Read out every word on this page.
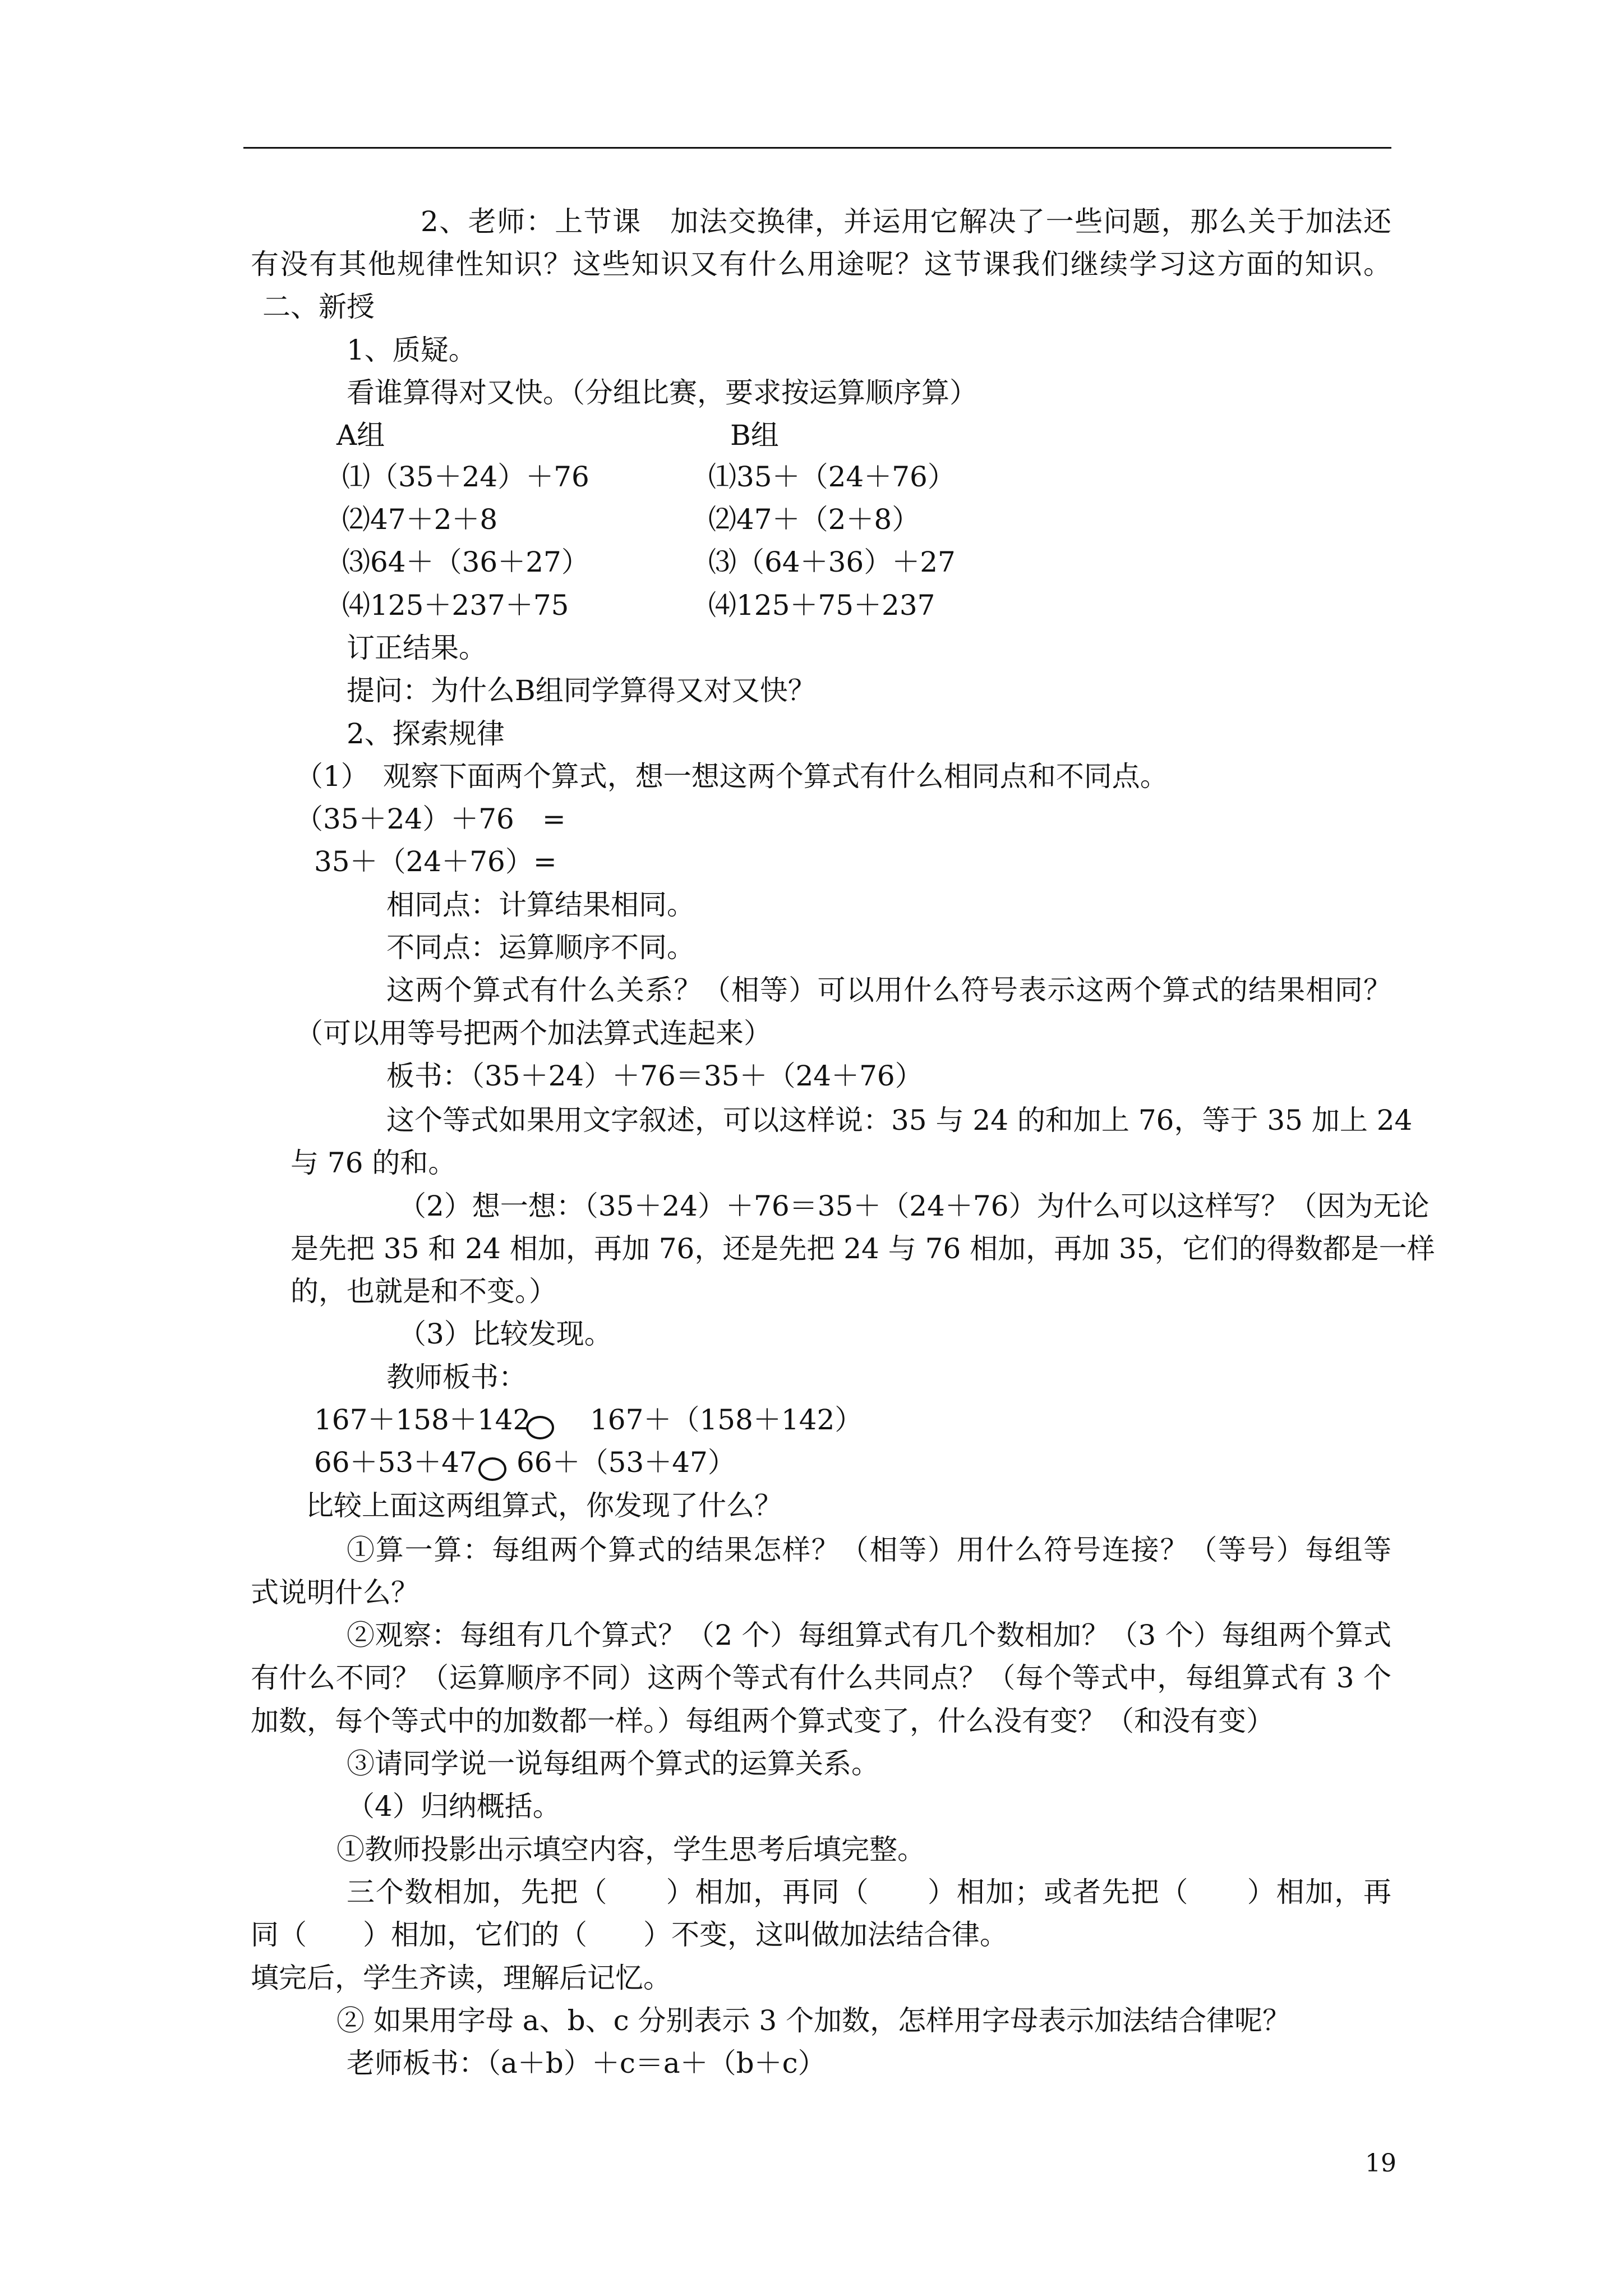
2、老师：上节课　加法交换律，并运用它解决了一些问题，那么关于加法还
有没有其他规律性知识？这些知识又有什么用途呢？这节课我们继续学习这方面的知识。
二、新授
1、质疑。
看谁算得对又快。（分组比赛，要求按运算顺序算）
A组	B组
⑴（35＋24）＋76	⑴35＋（24＋76）
⑵47＋2＋8	⑵47＋（2＋8）
⑶64＋（36＋27）	⑶（64＋36）＋27
⑷125＋237＋75	⑷125＋75＋237
订正结果。
提问：为什么B组同学算得又对又快？
2、探索规律
（1）　观察下面两个算式，想一想这两个算式有什么相同点和不同点。
（35＋24）＋76　=
35＋（24＋76）=
相同点：计算结果相同。
不同点：运算顺序不同。
这两个算式有什么关系？（相等）可以用什么符号表示这两个算式的结果相同？
（可以用等号把两个加法算式连起来）
板书：（35＋24）＋76＝35＋（24＋76）
这个等式如果用文字叙述，可以这样说：35 与 24 的和加上 76，等于 35 加上 24
与 76 的和。
（2）想一想：（35＋24）＋76＝35＋（24＋76）为什么可以这样写？（因为无论
是先把 35 和 24 相加，再加 76，还是先把 24 与 76 相加，再加 35，它们的得数都是一样
的，也就是和不变。）
（3）比较发现。
教师板书：
167＋158＋142 167＋（158＋142）
66＋53＋47 66＋（53＋47）
比较上面这两组算式，你发现了什么？
①算一算：每组两个算式的结果怎样？（相等）用什么符号连接？（等号）每组等
式说明什么？
②观察：每组有几个算式？（2 个）每组算式有几个数相加？（3 个）每组两个算式
有什么不同？（运算顺序不同）这两个等式有什么共同点？（每个等式中，每组算式有 3 个
加数，每个等式中的加数都一样。）每组两个算式变了，什么没有变？（和没有变）
③请同学说一说每组两个算式的运算关系。
（4）归纳概括。
①教师投影出示填空内容，学生思考后填完整。
三个数相加，先把（　　）相加，再同（　　）相加；或者先把（　　）相加，再
同（　　）相加，它们的（　　）不变，这叫做加法结合律。
填完后，学生齐读，理解后记忆。
② 如果用字母 a、b、c 分别表示 3 个加数，怎样用字母表示加法结合律呢？
老师板书：（a＋b）＋c＝a＋（b＋c）
19
